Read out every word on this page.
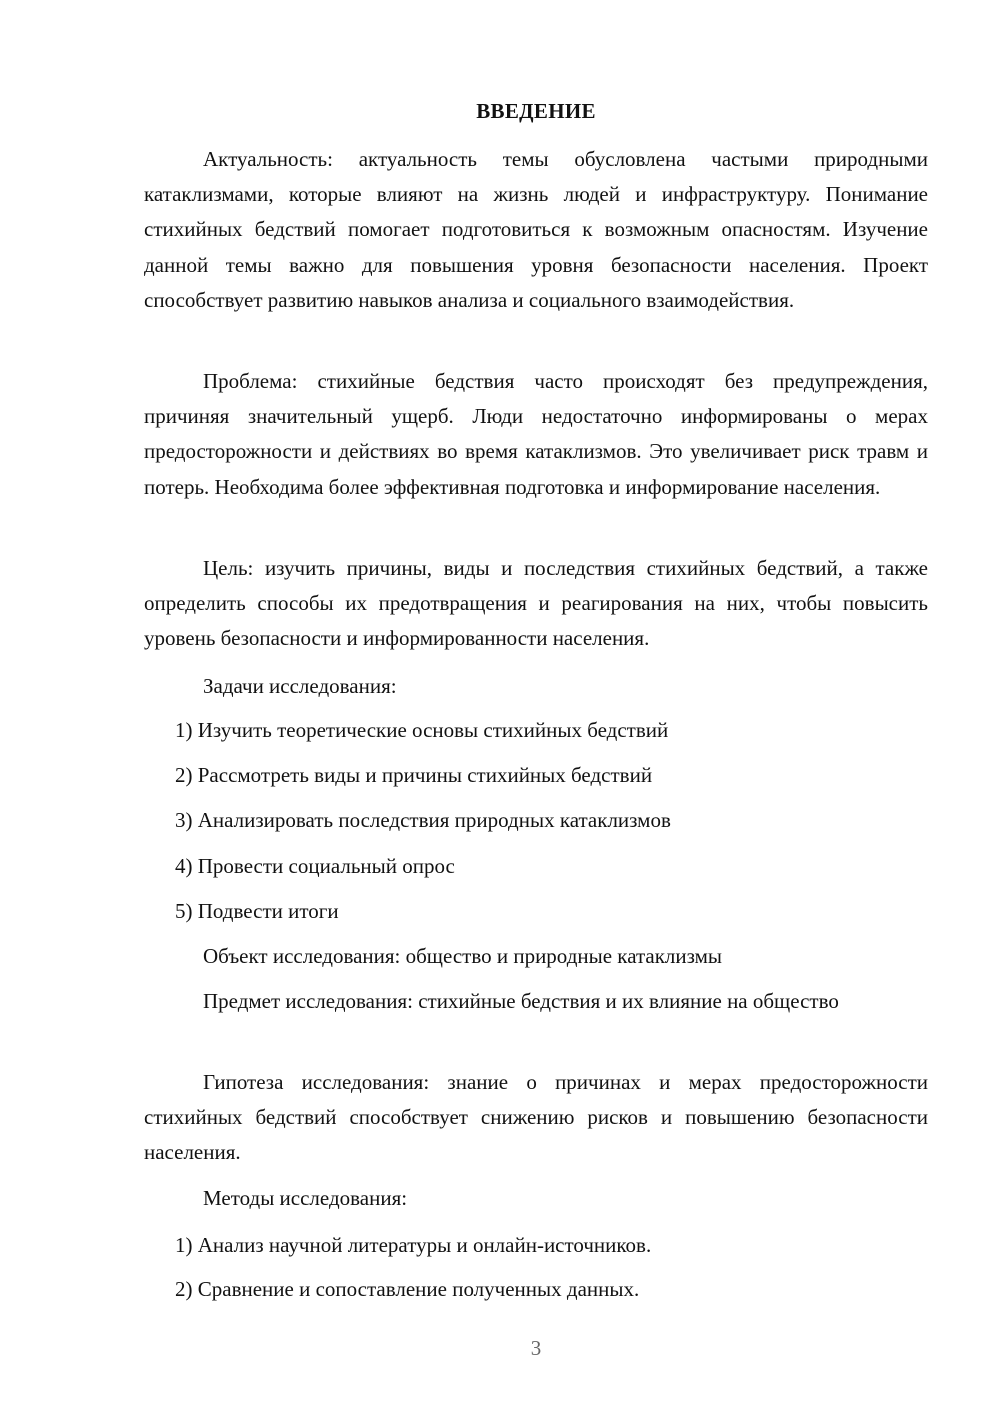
ВВЕДЕНИЕ

Актуальность: актуальность темы обусловлена частыми природными катаклизмами, которые влияют на жизнь людей и инфраструктуру. Понимание стихийных бедствий помогает подготовиться к возможным опасностям. Изучение данной темы важно для повышения уровня безопасности населения. Проект способствует развитию навыков анализа и социального взаимодействия.

Проблема: стихийные бедствия часто происходят без предупреждения, причиняя значительный ущерб. Люди недостаточно информированы о мерах предосторожности и действиях во время катаклизмов. Это увеличивает риск травм и потерь. Необходима более эффективная подготовка и информирование населения.

Цель: изучить причины, виды и последствия стихийных бедствий, а также определить способы их предотвращения и реагирования на них, чтобы повысить уровень безопасности и информированности населения.

Задачи исследования:

1) Изучить теоретические основы стихийных бедствий

2) Рассмотреть виды и причины стихийных бедствий

3) Анализировать последствия природных катаклизмов

4) Провести социальный опрос

5) Подвести итоги

Объект исследования: общество и природные катаклизмы

Предмет исследования: стихийные бедствия и их влияние на общество

Гипотеза исследования: знание о причинах и мерах предосторожности стихийных бедствий способствует снижению рисков и повышению безопасности населения.

Методы исследования:

1) Анализ научной литературы и онлайн-источников.

2) Сравнение и сопоставление полученных данных.

3
